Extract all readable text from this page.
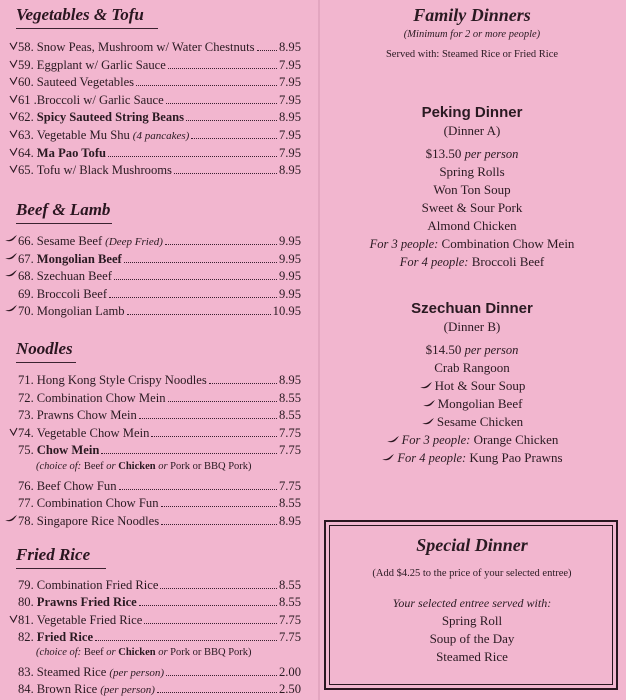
Vegetables & Tofu
58. Snow Peas, Mushroom w/ Water Chestnuts 8.95
59. Eggplant w/ Garlic Sauce	7.95
60. Sauteed Vegetables	7.95
61 .Broccoli w/ Garlic Sauce	7.95
62. Spicy Sauteed String Beans	8.95
63. Vegetable Mu Shu (4 pancakes)	7.95
64. Ma Pao Tofu	7.95
65. Tofu w/ Black Mushrooms	8.95
Beef & Lamb
66. Sesame Beef (Deep Fried)	9.95
67. Mongolian Beef	9.95
68. Szechuan Beef	9.95
69. Broccoli Beef	9.95
70. Mongolian Lamb	10.95
Noodles
71. Hong Kong Style Crispy Noodles	8.95
72. Combination Chow Mein	8.55
73. Prawns Chow Mein	8.55
74. Vegetable Chow Mein	7.75
75. Chow Mein	7.75
(choice of: Beef or Chicken or Pork or BBQ Pork)
76. Beef Chow Fun	7.75
77. Combination Chow Fun	8.55
78. Singapore Rice Noodles	8.95
Fried Rice
79. Combination Fried Rice	8.55
80. Prawns Fried Rice	8.55
81. Vegetable Fried Rice	7.75
82. Fried Rice	7.75
(choice of: Beef or Chicken or Pork or BBQ Pork)
83. Steamed Rice (per person)	2.00
84. Brown Rice (per person)	2.50
Family Dinners
(Minimum for 2 or more people)
Served with: Steamed Rice or Fried Rice
Peking Dinner
(Dinner A)
$13.50 per person
Spring Rolls
Won Ton Soup
Sweet & Sour Pork
Almond Chicken
For 3 people: Combination Chow Mein
For 4 people: Broccoli Beef
Szechuan Dinner
(Dinner B)
$14.50 per person
Crab Rangoon
Hot & Sour Soup
Mongolian Beef
Sesame Chicken
For 3 people: Orange Chicken
For 4 people: Kung Pao Prawns
Special Dinner
(Add $4.25 to the price of your selected entree)
Your selected entree served with:
Spring Roll
Soup of the Day
Steamed Rice
